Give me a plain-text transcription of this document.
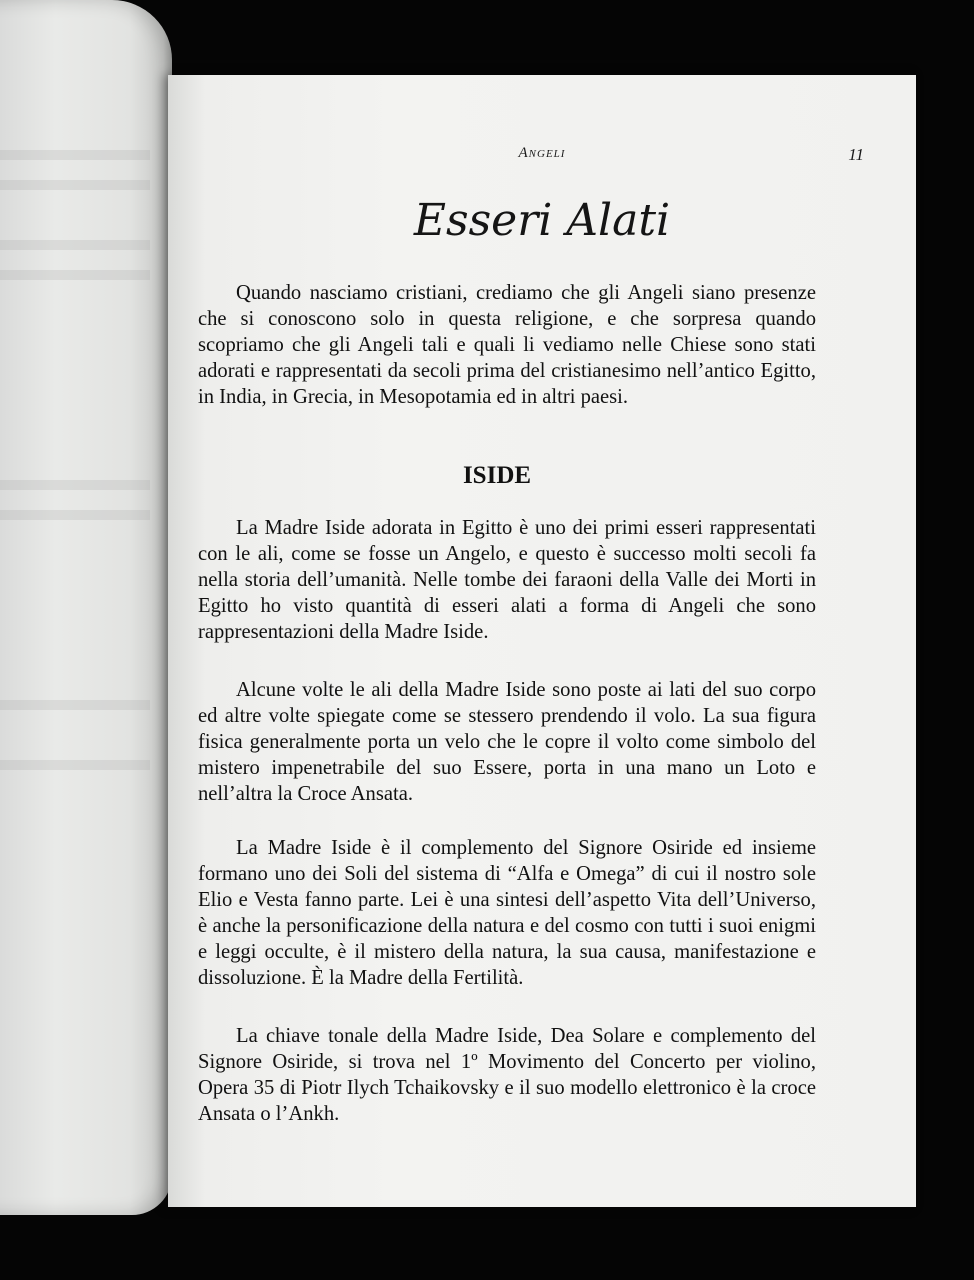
Angeli	11
Esseri Alati

Quando nasciamo cristiani, crediamo che gli Angeli siano presenze che si conoscono solo in questa religione, e che sorpresa quando scopriamo che gli Angeli tali e quali li vediamo nelle Chiese sono stati adorati e rappresentati da secoli prima del cristianesimo nell’antico Egitto, in India, in Grecia, in Mesopotamia ed in altri paesi.

ISIDE

La Madre Iside adorata in Egitto è uno dei primi esseri rappresentati con le ali, come se fosse un Angelo, e questo è successo molti secoli fa nella storia dell’umanità. Nelle tombe dei faraoni della Valle dei Morti in Egitto ho visto quantità di esseri alati a forma di Angeli che sono rappresentazioni della Madre Iside.

Alcune volte le ali della Madre Iside sono poste ai lati del suo corpo ed altre volte spiegate come se stessero prendendo il volo. La sua figura fisica generalmente porta un velo che le copre il volto come simbolo del mistero impenetrabile del suo Essere, porta in una mano un Loto e nell’altra la Croce Ansata.

La Madre Iside è il complemento del Signore Osiride ed insieme formano uno dei Soli del sistema di “Alfa e Omega” di cui il nostro sole Elio e Vesta fanno parte. Lei è una sintesi dell’aspetto Vita dell’Universo, è anche la personificazione della natura e del cosmo con tutti i suoi enigmi e leggi occulte, è il mistero della natura, la sua causa, manifestazione e dissoluzione. È la Madre della Fertilità.

La chiave tonale della Madre Iside, Dea Solare e complemento del Signore Osiride, si trova nel 1º Movimento del Concerto per violino, Opera 35 di Piotr Ilych Tchaikovsky e il suo modello elettronico è la croce Ansata o l’Ankh.
